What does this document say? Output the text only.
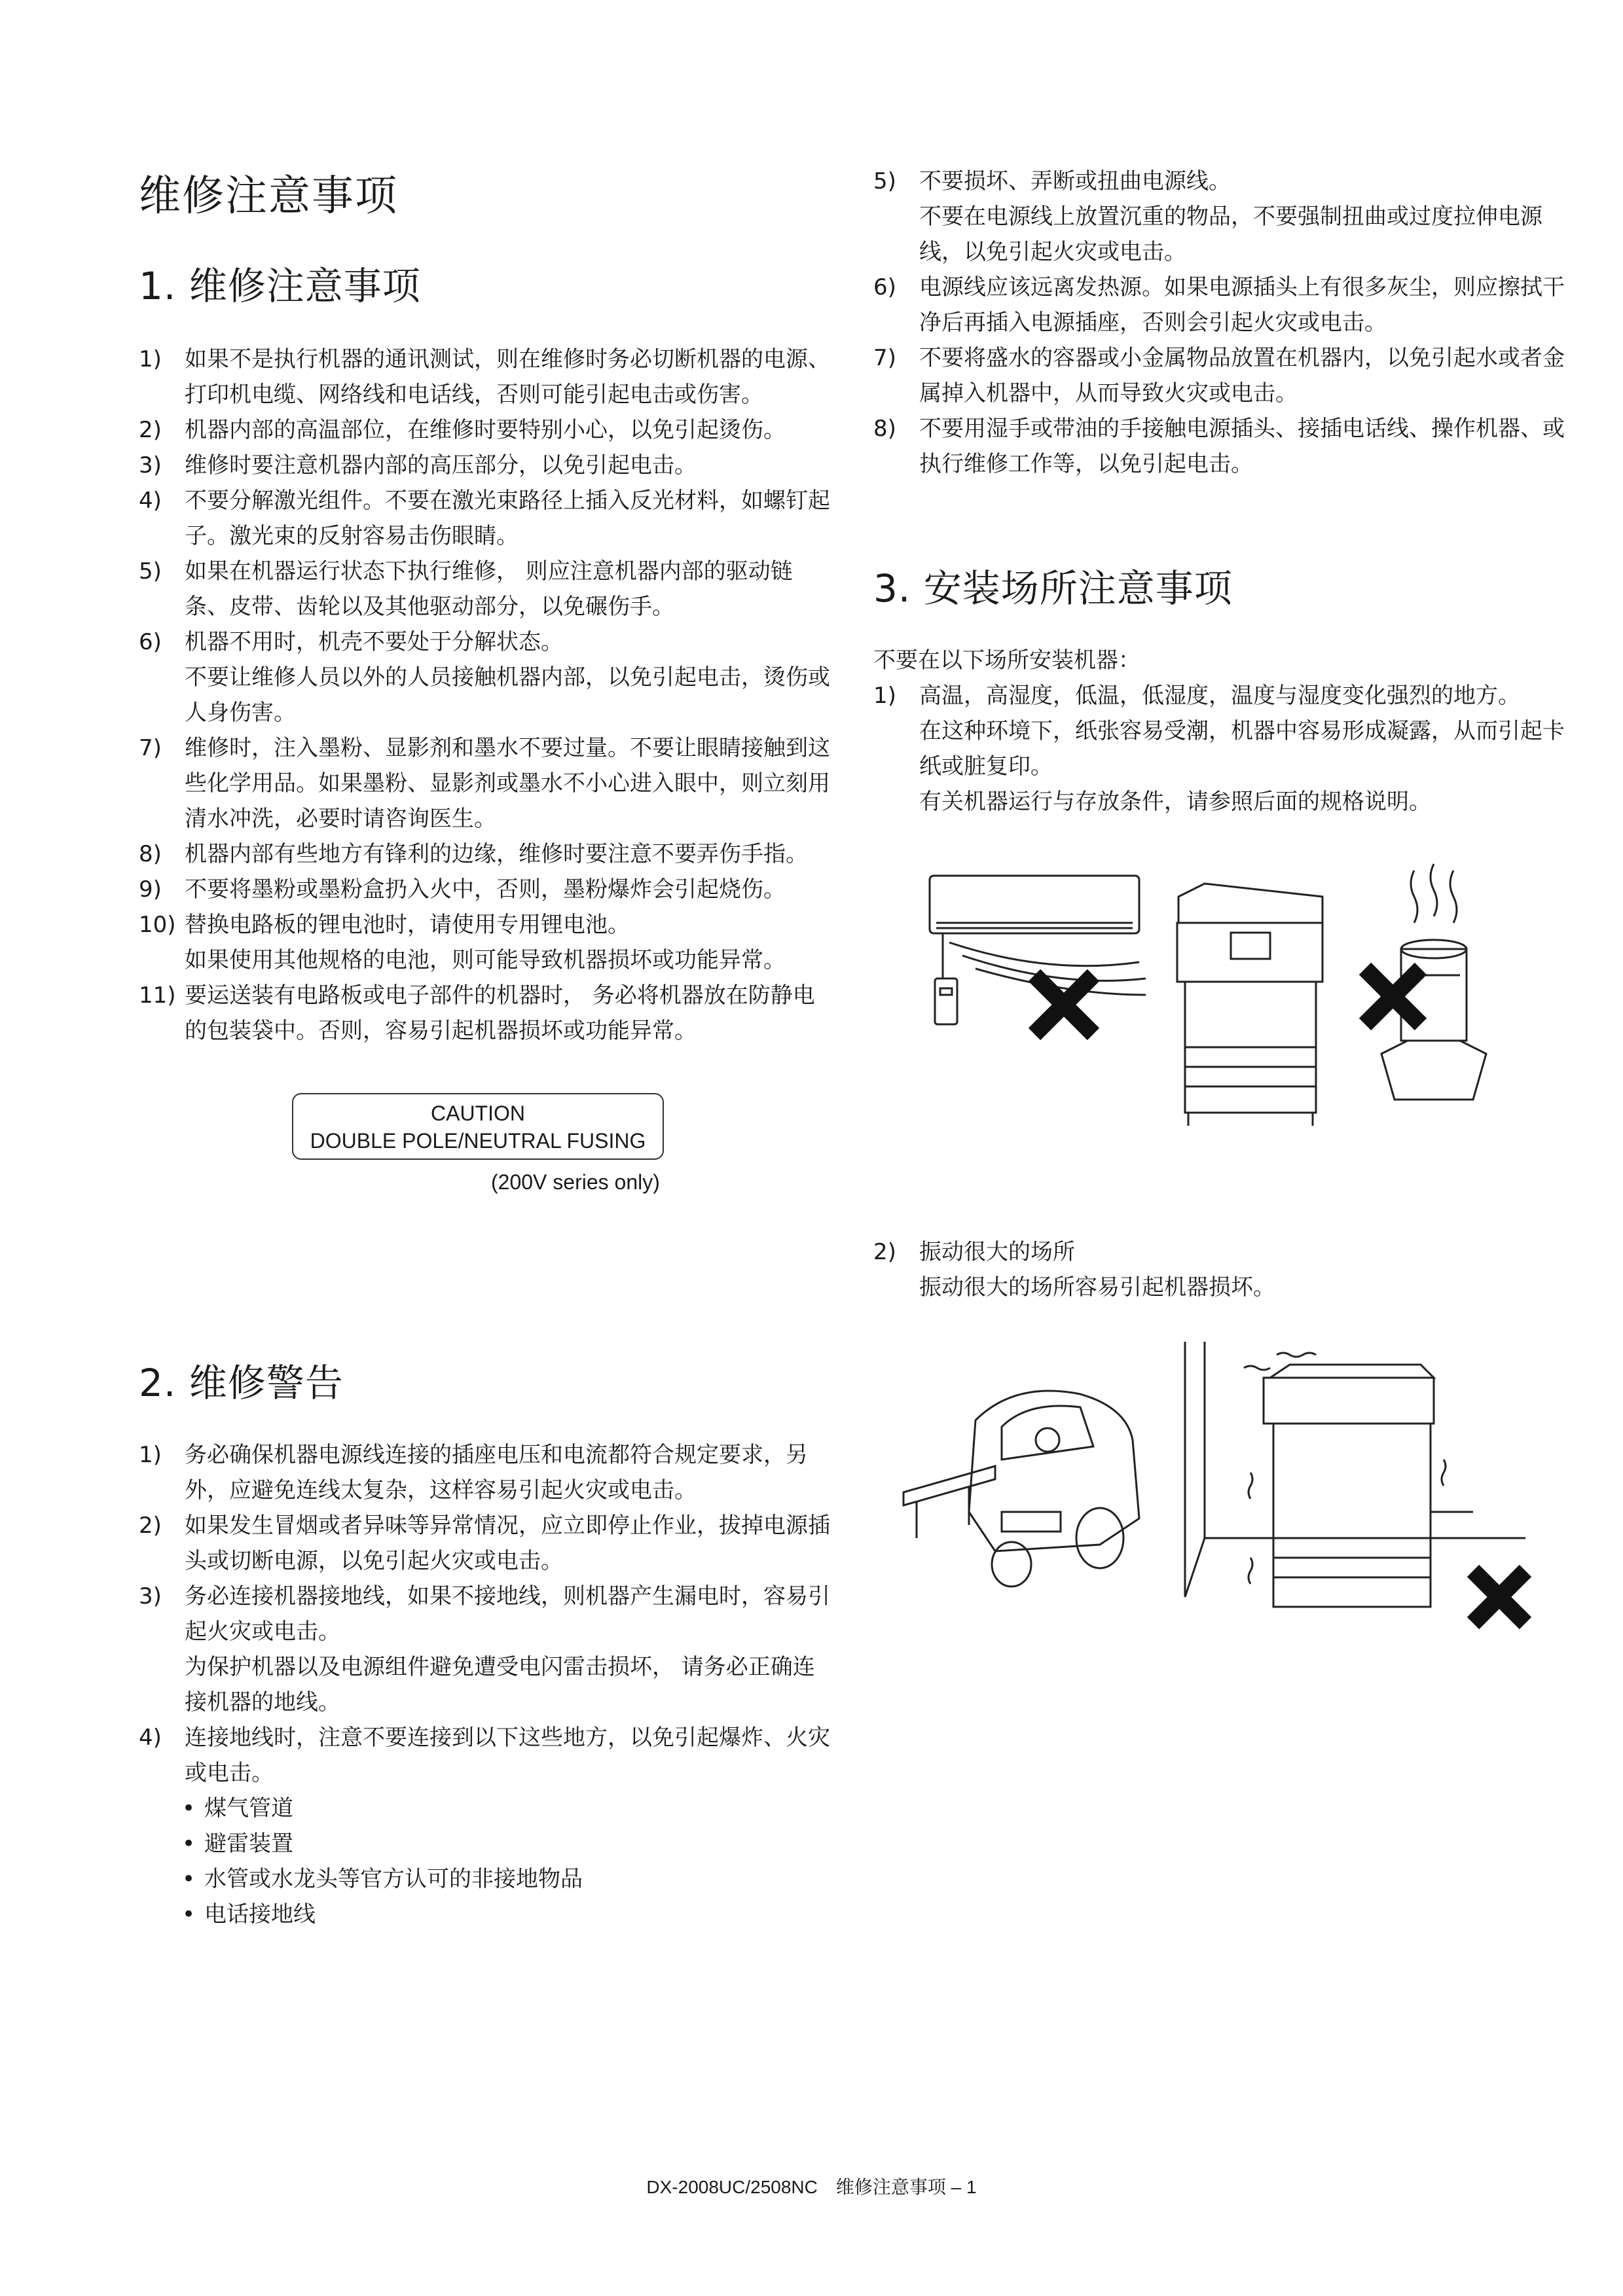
维修注意事项
1. 维修注意事项
1) 如果不是执行机器的通讯测试，则在维修时务必切断机器的电源、打印机电缆、网络线和电话线，否则可能引起电击或伤害。
2) 机器内部的高温部位，在维修时要特别小心，以免引起烫伤。
3) 维修时要注意机器内部的高压部分，以免引起电击。
4) 不要分解激光组件。不要在激光束路径上插入反光材料，如螺钉起子。激光束的反射容易击伤眼睛。
5) 如果在机器运行状态下执行维修， 则应注意机器内部的驱动链条、皮带、齿轮以及其他驱动部分，以免碾伤手。
6) 机器不用时，机壳不要处于分解状态。
不要让维修人员以外的人员接触机器内部，以免引起电击，烫伤或人身伤害。
7) 维修时，注入墨粉、显影剂和墨水不要过量。不要让眼睛接触到这些化学用品。如果墨粉、显影剂或墨水不小心进入眼中，则立刻用清水冲洗，必要时请咨询医生。
8) 机器内部有些地方有锋利的边缘，维修时要注意不要弄伤手指。
9) 不要将墨粉或墨粉盒扔入火中，否则，墨粉爆炸会引起烧伤。
10) 替换电路板的锂电池时，请使用专用锂电池。
如果使用其他规格的电池，则可能导致机器损坏或功能异常。
11) 要运送装有电路板或电子部件的机器时， 务必将机器放在防静电的包装袋中。否则，容易引起机器损坏或功能异常。
CAUTION
DOUBLE POLE/NEUTRAL FUSING
(200V series only)
2. 维修警告
1) 务必确保机器电源线连接的插座电压和电流都符合规定要求，另外，应避免连线太复杂，这样容易引起火灾或电击。
2) 如果发生冒烟或者异味等异常情况，应立即停止作业，拔掉电源插头或切断电源，以免引起火灾或电击。
3) 务必连接机器接地线，如果不接地线，则机器产生漏电时，容易引起火灾或电击。
为保护机器以及电源组件避免遭受电闪雷击损坏， 请务必正确连接机器的地线。
4) 连接地线时，注意不要连接到以下这些地方，以免引起爆炸、火灾或电击。
• 煤气管道
• 避雷装置
• 水管或水龙头等官方认可的非接地物品
• 电话接地线
5) 不要损坏、弄断或扭曲电源线。
不要在电源线上放置沉重的物品，不要强制扭曲或过度拉伸电源线，以免引起火灾或电击。
6) 电源线应该远离发热源。如果电源插头上有很多灰尘，则应擦拭干净后再插入电源插座，否则会引起火灾或电击。
7) 不要将盛水的容器或小金属物品放置在机器内，以免引起水或者金属掉入机器中，从而导致火灾或电击。
8) 不要用湿手或带油的手接触电源插头、接插电话线、操作机器、或执行维修工作等，以免引起电击。
3. 安装场所注意事项
不要在以下场所安装机器：
1) 高温，高湿度，低温，低湿度，温度与湿度变化强烈的地方。
在这种环境下，纸张容易受潮，机器中容易形成凝露，从而引起卡纸或脏复印。
有关机器运行与存放条件，请参照后面的规格说明。
2) 振动很大的场所
振动很大的场所容易引起机器损坏。
DX-2008UC/2508NC　维修注意事项 – 1
